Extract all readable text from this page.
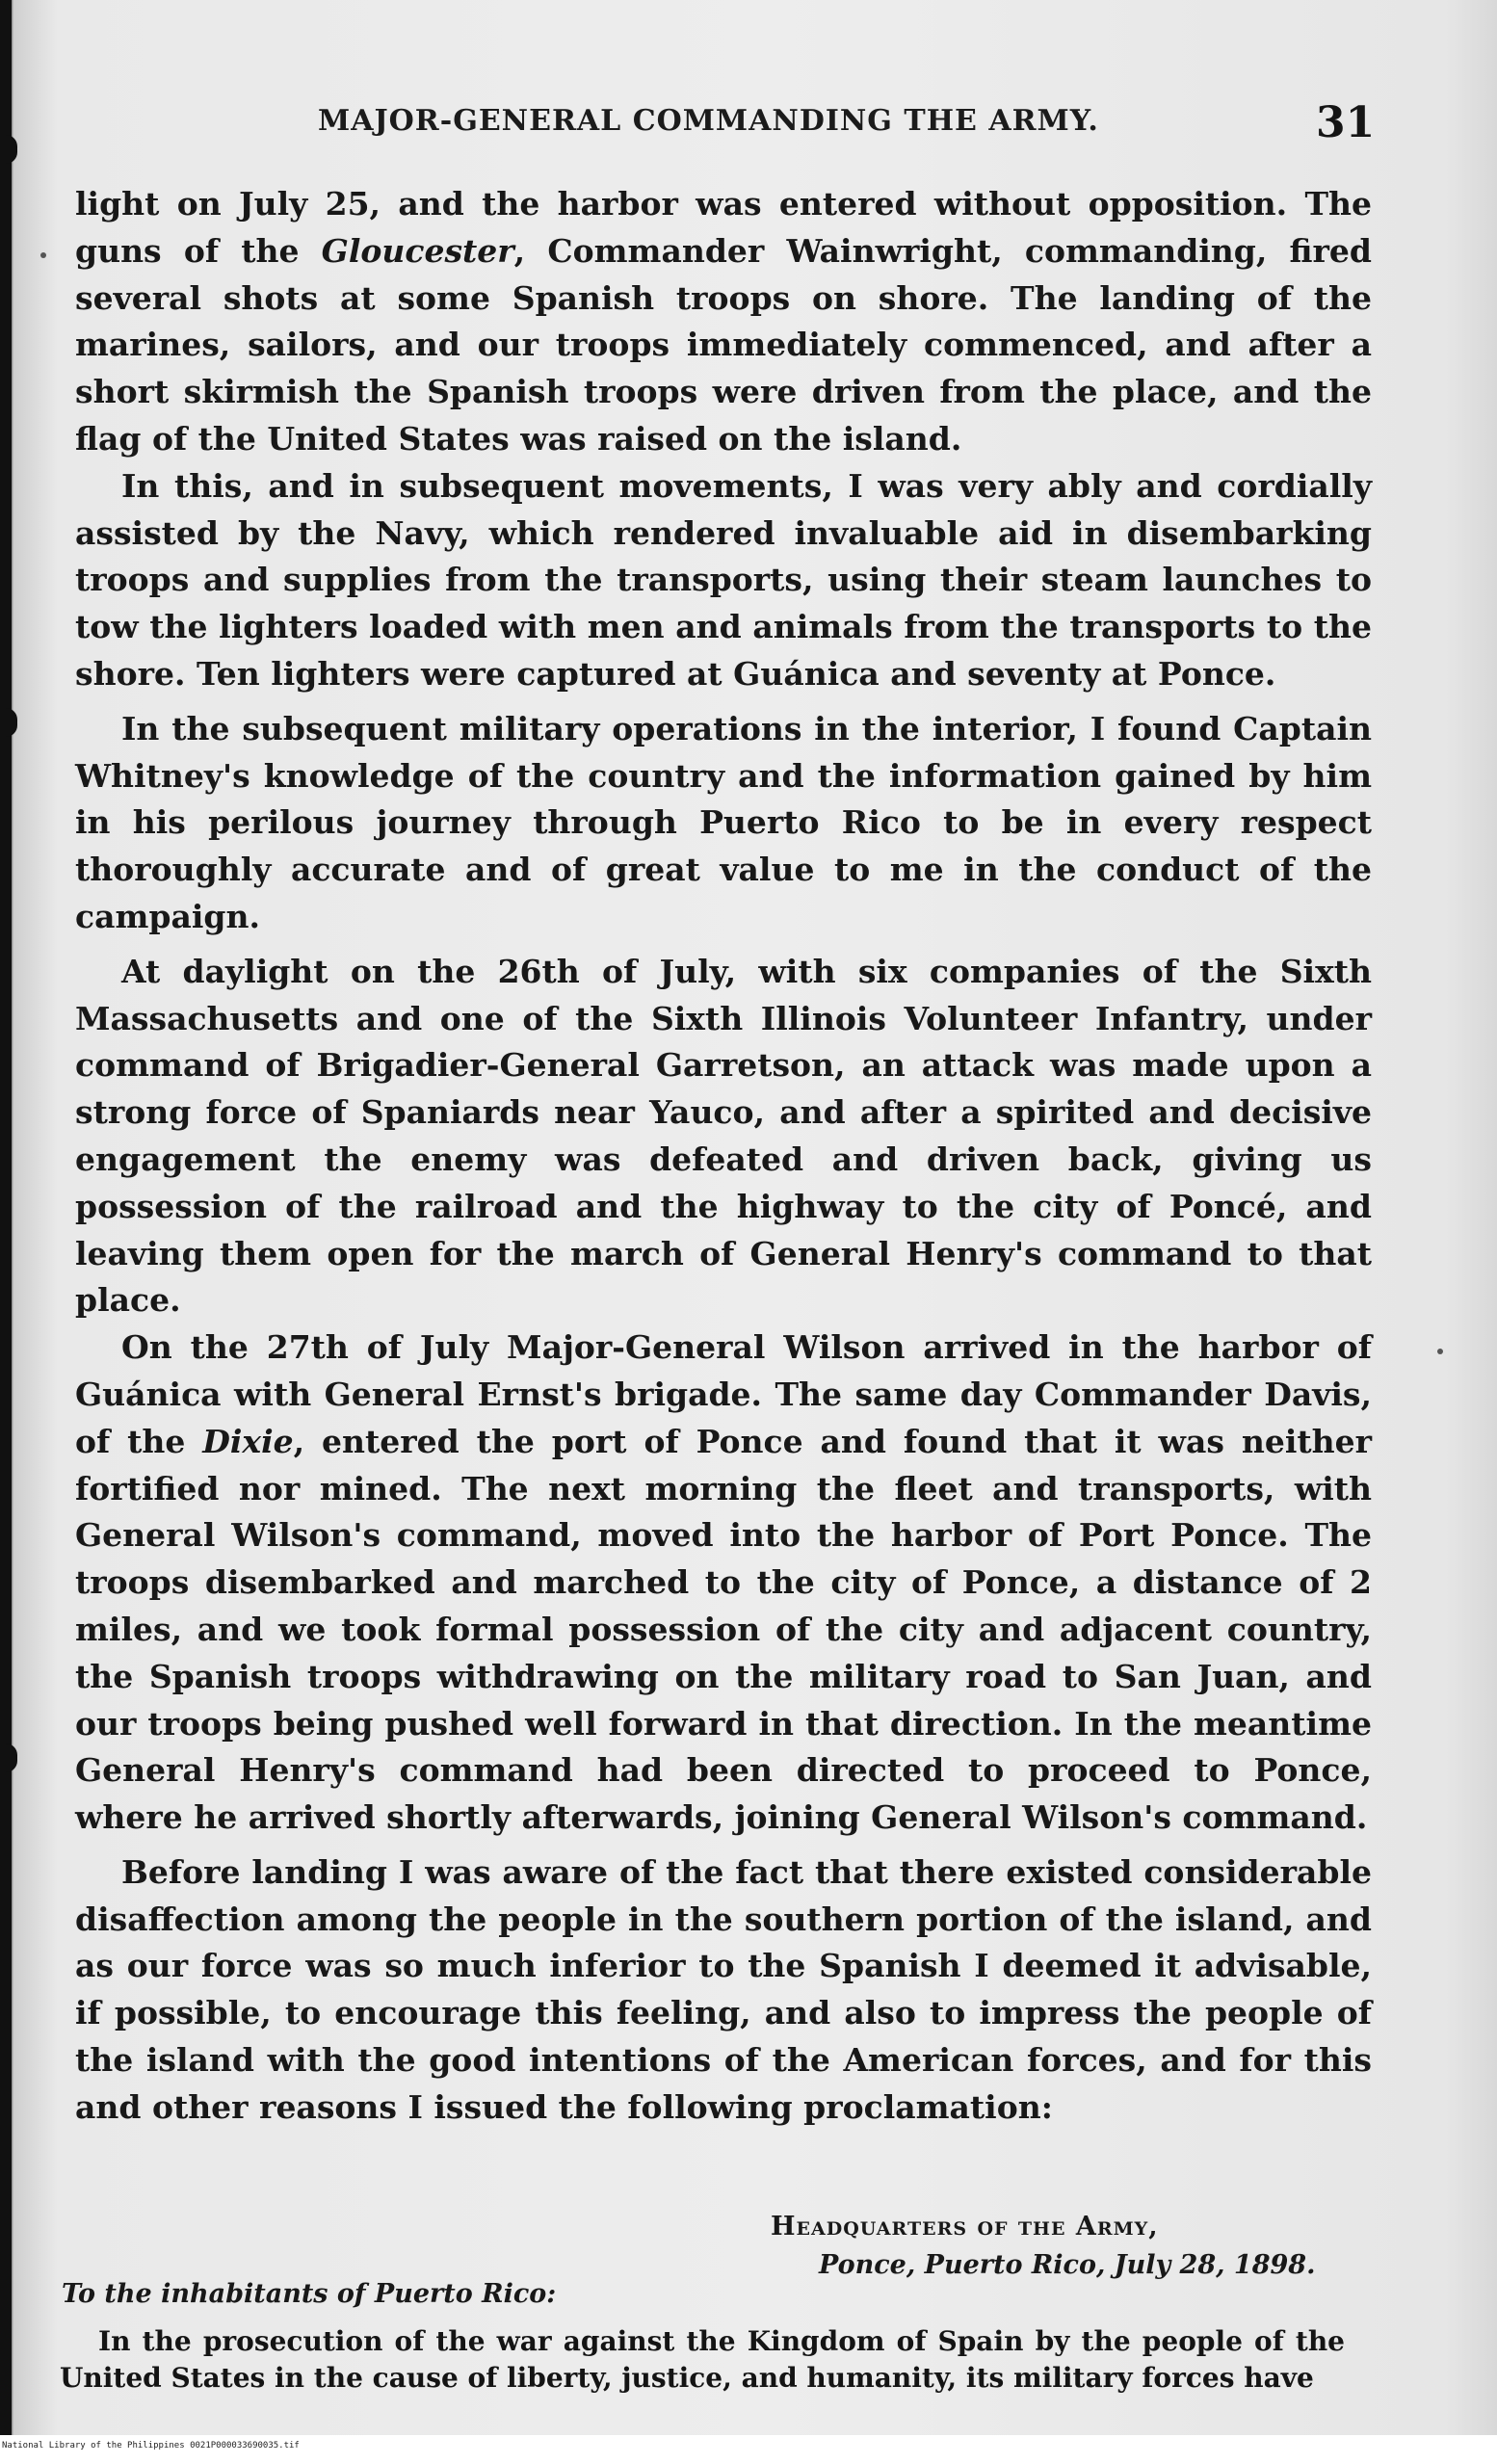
MAJOR-GENERAL COMMANDING THE ARMY.	31

light on July 25, and the harbor was entered without opposition. The guns of the Gloucester, Commander Wainwright, commanding, fired several shots at some Spanish troops on shore. The landing of the marines, sailors, and our troops immediately commenced, and after a short skirmish the Spanish troops were driven from the place, and the flag of the United States was raised on the island.

In this, and in subsequent movements, I was very ably and cordially assisted by the Navy, which rendered invaluable aid in disembarking troops and supplies from the transports, using their steam launches to tow the lighters loaded with men and animals from the transports to the shore. Ten lighters were captured at Guánica and seventy at Ponce.

In the subsequent military operations in the interior, I found Captain Whitney's knowledge of the country and the information gained by him in his perilous journey through Puerto Rico to be in every respect thoroughly accurate and of great value to me in the conduct of the campaign.

At daylight on the 26th of July, with six companies of the Sixth Massachusetts and one of the Sixth Illinois Volunteer Infantry, under command of Brigadier-General Garretson, an attack was made upon a strong force of Spaniards near Yauco, and after a spirited and decisive engagement the enemy was defeated and driven back, giving us possession of the railroad and the highway to the city of Poncé, and leaving them open for the march of General Henry's command to that place.

On the 27th of July Major-General Wilson arrived in the harbor of Guánica with General Ernst's brigade. The same day Commander Davis, of the Dixie, entered the port of Ponce and found that it was neither fortified nor mined. The next morning the fleet and transports, with General Wilson's command, moved into the harbor of Port Ponce. The troops disembarked and marched to the city of Ponce, a distance of 2 miles, and we took formal possession of the city and adjacent country, the Spanish troops withdrawing on the military road to San Juan, and our troops being pushed well forward in that direction. In the meantime General Henry's command had been directed to proceed to Ponce, where he arrived shortly afterwards, joining General Wilson's command.

Before landing I was aware of the fact that there existed considerable disaffection among the people in the southern portion of the island, and as our force was so much inferior to the Spanish I deemed it advisable, if possible, to encourage this feeling, and also to impress the people of the island with the good intentions of the American forces, and for this and other reasons I issued the following proclamation:

Headquarters of the Army,
Ponce, Puerto Rico, July 28, 1898.
To the inhabitants of Puerto Rico:
In the prosecution of the war against the Kingdom of Spain by the people of the United States in the cause of liberty, justice, and humanity, its military forces have
National Library of the Philippines 0021P000033690035.tif
